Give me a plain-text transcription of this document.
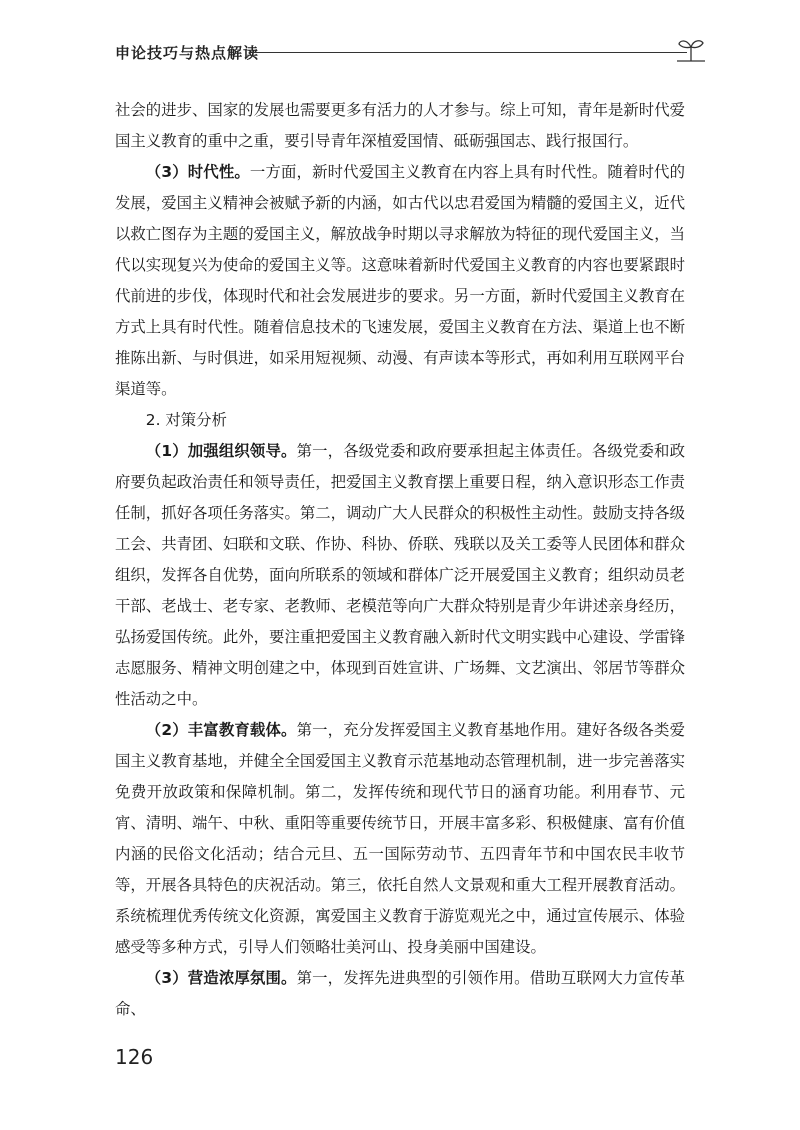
申论技巧与热点解读

社会的进步、国家的发展也需要更多有活力的人才参与。综上可知，青年是新时代爱国主义教育的重中之重，要引导青年深植爱国情、砥砺强国志、践行报国行。

（3）时代性。一方面，新时代爱国主义教育在内容上具有时代性。随着时代的发展，爱国主义精神会被赋予新的内涵，如古代以忠君爱国为精髓的爱国主义，近代以救亡图存为主题的爱国主义，解放战争时期以寻求解放为特征的现代爱国主义，当代以实现复兴为使命的爱国主义等。这意味着新时代爱国主义教育的内容也要紧跟时代前进的步伐，体现时代和社会发展进步的要求。另一方面，新时代爱国主义教育在方式上具有时代性。随着信息技术的飞速发展，爱国主义教育在方法、渠道上也不断推陈出新、与时俱进，如采用短视频、动漫、有声读本等形式，再如利用互联网平台渠道等。

2. 对策分析

（1）加强组织领导。第一，各级党委和政府要承担起主体责任。各级党委和政府要负起政治责任和领导责任，把爱国主义教育摆上重要日程，纳入意识形态工作责任制，抓好各项任务落实。第二，调动广大人民群众的积极性主动性。鼓励支持各级工会、共青团、妇联和文联、作协、科协、侨联、残联以及关工委等人民团体和群众组织，发挥各自优势，面向所联系的领域和群体广泛开展爱国主义教育；组织动员老干部、老战士、老专家、老教师、老模范等向广大群众特别是青少年讲述亲身经历，弘扬爱国传统。此外，要注重把爱国主义教育融入新时代文明实践中心建设、学雷锋志愿服务、精神文明创建之中，体现到百姓宣讲、广场舞、文艺演出、邻居节等群众性活动之中。

（2）丰富教育载体。第一，充分发挥爱国主义教育基地作用。建好各级各类爱国主义教育基地，并健全全国爱国主义教育示范基地动态管理机制，进一步完善落实免费开放政策和保障机制。第二，发挥传统和现代节日的涵育功能。利用春节、元宵、清明、端午、中秋、重阳等重要传统节日，开展丰富多彩、积极健康、富有价值内涵的民俗文化活动；结合元旦、五一国际劳动节、五四青年节和中国农民丰收节等，开展各具特色的庆祝活动。第三，依托自然人文景观和重大工程开展教育活动。系统梳理优秀传统文化资源，寓爱国主义教育于游览观光之中，通过宣传展示、体验感受等多种方式，引导人们领略壮美河山、投身美丽中国建设。

（3）营造浓厚氛围。第一，发挥先进典型的引领作用。借助互联网大力宣传革命、

126
